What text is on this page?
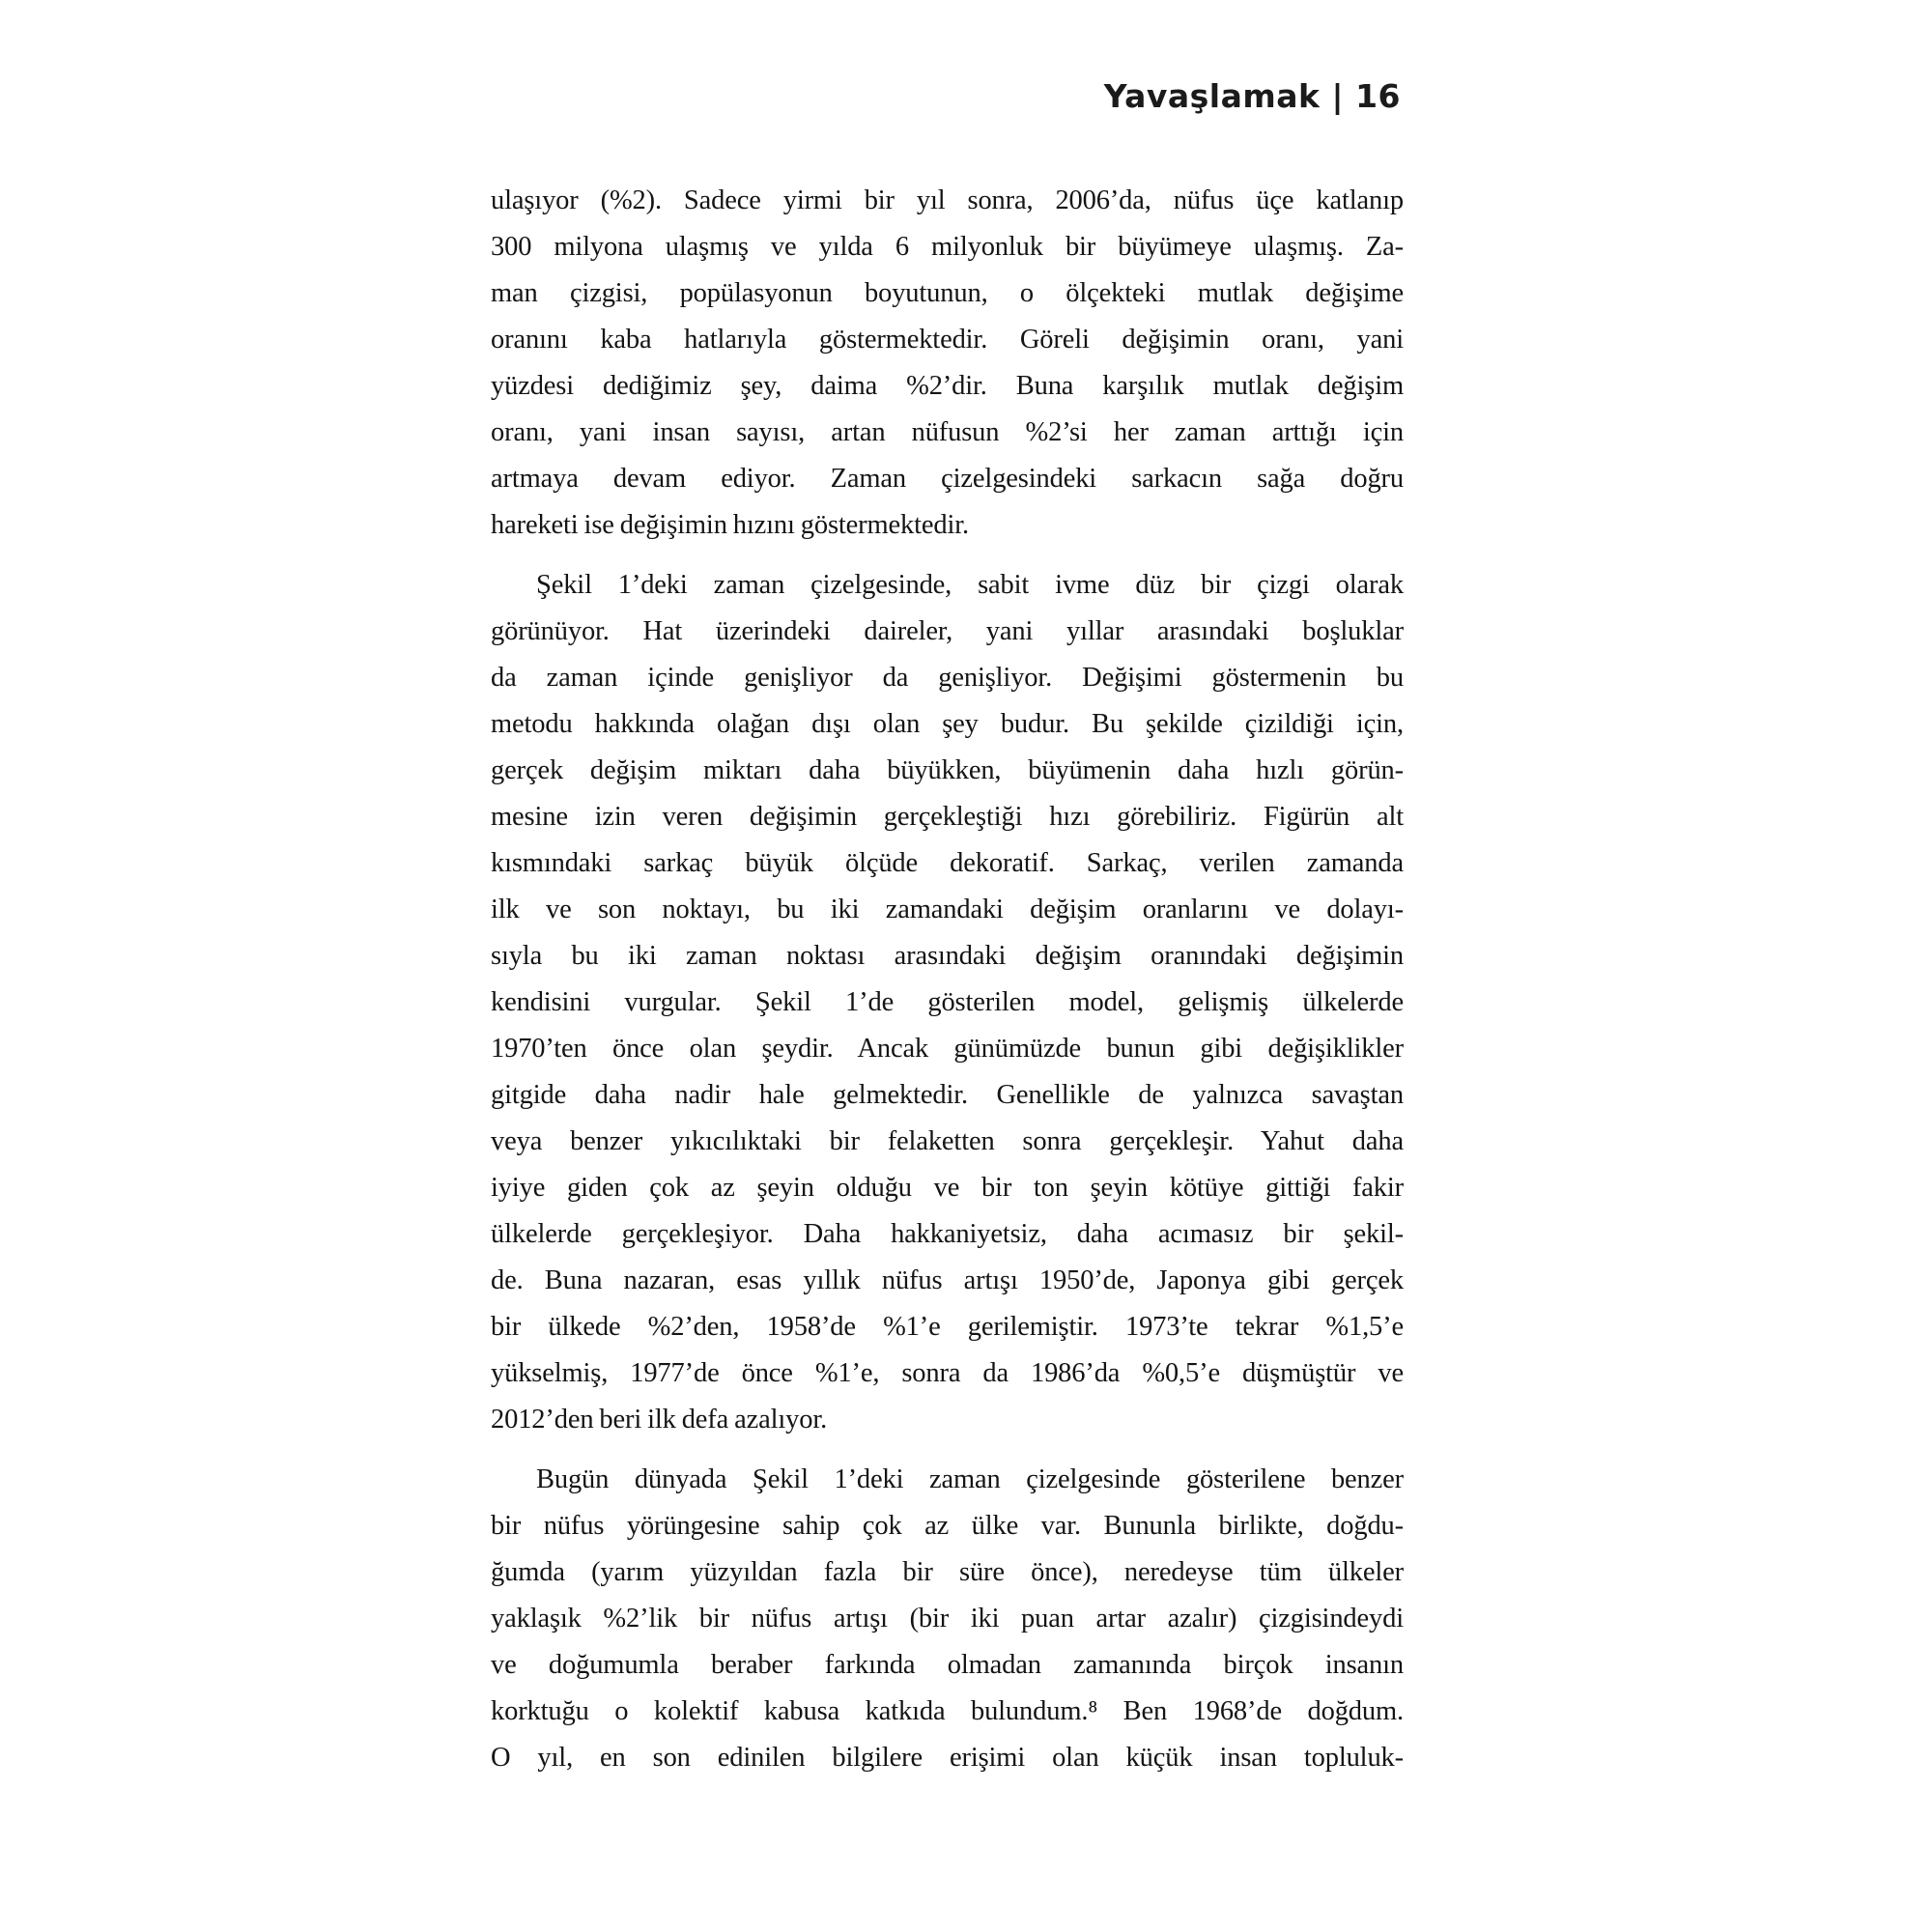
Yavaşlamak | 16
ulaşıyor (%2). Sadece yirmi bir yıl sonra, 2006’da, nüfus üçe katlanıp
300 milyona ulaşmış ve yılda 6 milyonluk bir büyümeye ulaşmış. Za-
man çizgisi, popülasyonun boyutunun, o ölçekteki mutlak değişime
oranını kaba hatlarıyla göstermektedir. Göreli değişimin oranı, yani
yüzdesi dediğimiz şey, daima %2’dir. Buna karşılık mutlak değişim
oranı, yani insan sayısı, artan nüfusun %2’si her zaman arttığı için
artmaya devam ediyor. Zaman çizelgesindeki sarkacın sağa doğru
hareketi ise değişimin hızını göstermektedir.
Şekil 1’deki zaman çizelgesinde, sabit ivme düz bir çizgi olarak
görünüyor. Hat üzerindeki daireler, yani yıllar arasındaki boşluklar
da zaman içinde genişliyor da genişliyor. Değişimi göstermenin bu
metodu hakkında olağan dışı olan şey budur. Bu şekilde çizildiği için,
gerçek değişim miktarı daha büyükken, büyümenin daha hızlı görün-
mesine izin veren değişimin gerçekleştiği hızı görebiliriz. Figürün alt
kısmındaki sarkaç büyük ölçüde dekoratif. Sarkaç, verilen zamanda
ilk ve son noktayı, bu iki zamandaki değişim oranlarını ve dolayı-
sıyla bu iki zaman noktası arasındaki değişim oranındaki değişimin
kendisini vurgular. Şekil 1’de gösterilen model, gelişmiş ülkelerde
1970’ten önce olan şeydir. Ancak günümüzde bunun gibi değişiklikler
gitgide daha nadir hale gelmektedir. Genellikle de yalnızca savaştan
veya benzer yıkıcılıktaki bir felaketten sonra gerçekleşir. Yahut daha
iyiye giden çok az şeyin olduğu ve bir ton şeyin kötüye gittiği fakir
ülkelerde gerçekleşiyor. Daha hakkaniyetsiz, daha acımasız bir şekil-
de. Buna nazaran, esas yıllık nüfus artışı 1950’de, Japonya gibi gerçek
bir ülkede %2’den, 1958’de %1’e gerilemiştir. 1973’te tekrar %1,5’e
yükselmiş, 1977’de önce %1’e, sonra da 1986’da %0,5’e düşmüştür ve
2012’den beri ilk defa azalıyor.
Bugün dünyada Şekil 1’deki zaman çizelgesinde gösterilene benzer
bir nüfus yörüngesine sahip çok az ülke var. Bununla birlikte, doğdu-
ğumda (yarım yüzyıldan fazla bir süre önce), neredeyse tüm ülkeler
yaklaşık %2’lik bir nüfus artışı (bir iki puan artar azalır) çizgisindeydi
ve doğumumla beraber farkında olmadan zamanında birçok insanın
korktuğu o kolektif kabusa katkıda bulundum.⁸ Ben 1968’de doğdum.
O yıl, en son edinilen bilgilere erişimi olan küçük insan topluluk-
